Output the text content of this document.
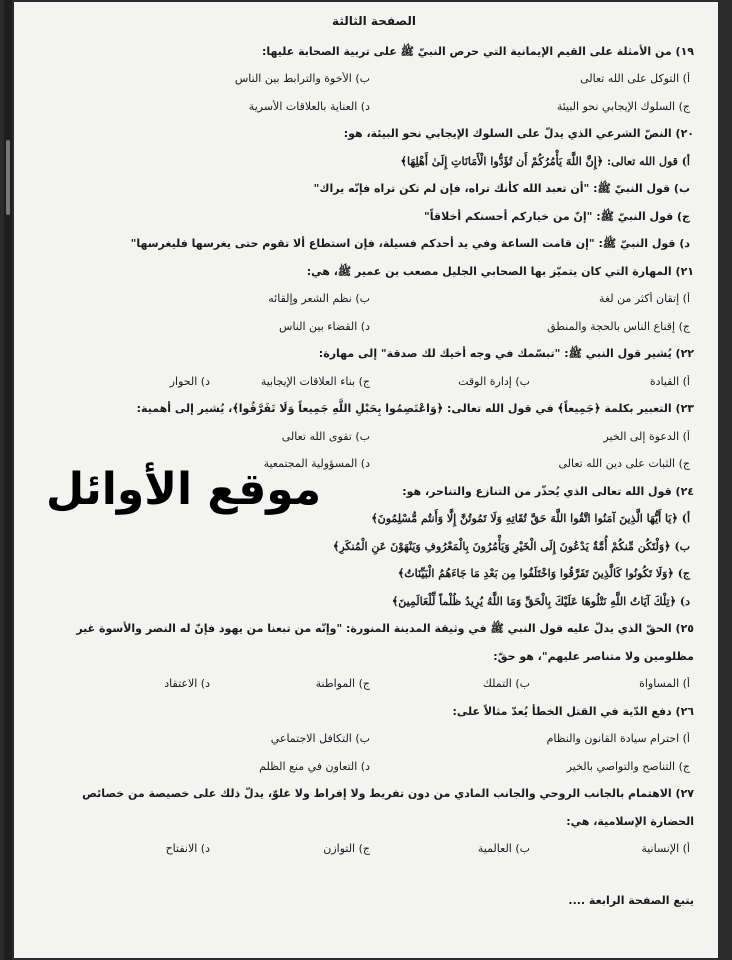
الصفحة الثالثة
١٩) من الأمثلة على القيم الإيمانية التي حرص النبيّ ﷺ على تربية الصحابة عليها:
أ) التوكل على الله تعالى
ب) الأخوة والترابط بين الناس
ج) السلوك الإيجابي نحو البيئة
د) العناية بالعلاقات الأسرية
٢٠) النصّ الشرعي الذي يدلّ على السلوك الإيجابي نحو البيئة، هو:
أ) قول الله تعالى: ﴿إِنَّ اللَّهَ يَأْمُرُكُمْ أَن تُؤَدُّوا الْأَمَانَاتِ إِلَىٰ أَهْلِهَا﴾
ب) قول النبيّ ﷺ: "أن تعبد الله كأنك تراه، فإن لم تكن تراه فإنّه يراك"
ج) قول النبيّ ﷺ: "إنّ من خياركم أحسنكم أخلاقاً"
د) قول النبيّ ﷺ: "إن قامت الساعة وفي يد أحدكم فسيلة، فإن استطاع ألا تقوم حتى يغرسها فليغرسها"
٢١) المهارة التي كان يتميّز بها الصحابي الجليل مصعب بن عمير ﷺ، هي:
أ) إتقان أكثر من لغة
ب) نظم الشعر وإلقائه
ج) إقناع الناس بالحجة والمنطق
د) القضاء بين الناس
٢٢) يُشير قول النبي ﷺ: "تبسّمك في وجه أخيك لك صدقة" إلى مهارة:
أ) القيادة
ب) إدارة الوقت
ج) بناء العلاقات الإيجابية
د) الحوار
٢٣) التعبير بكلمة ﴿جَمِيعاً﴾ في قول الله تعالى: ﴿وَاعْتَصِمُوا بِحَبْلِ اللَّهِ جَمِيعاً وَلَا تَفَرَّقُوا﴾، يُشير إلى أهمية:
أ) الدعوة إلى الخير
ب) تقوى الله تعالى
ج) الثبات على دين الله تعالى
د) المسؤولية المجتمعية
٢٤) قول الله تعالى الذي يُحذّر من التنازع والتناحر، هو:
أ) ﴿يَا أَيُّهَا الَّذِينَ آمَنُوا اتَّقُوا اللَّهَ حَقَّ تُقَاتِهِ وَلَا تَمُوتُنَّ إِلَّا وَأَنتُم مُّسْلِمُونَ﴾
ب) ﴿وَلْتَكُن مِّنكُمْ أُمَّةٌ يَدْعُونَ إِلَى الْخَيْرِ وَيَأْمُرُونَ بِالْمَعْرُوفِ وَيَنْهَوْنَ عَنِ الْمُنكَرِ﴾
ج) ﴿وَلَا تَكُونُوا كَالَّذِينَ تَفَرَّقُوا وَاخْتَلَفُوا مِن بَعْدِ مَا جَاءَهُمُ الْبَيِّنَاتُ﴾
د) ﴿تِلْكَ آيَاتُ اللَّهِ نَتْلُوهَا عَلَيْكَ بِالْحَقِّ وَمَا اللَّهُ يُرِيدُ ظُلْماً لِّلْعَالَمِينَ﴾
٢٥) الحقّ الذي يدلّ عليه قول النبي ﷺ في وثيقة المدينة المنورة: "وإنّه من تبعنا من يهود فإنّ له النصر والأسوة غير
مظلومين ولا متناصر عليهم"، هو حقّ:
أ) المساواة
ب) التملك
ج) المواطنة
د) الاعتقاد
٢٦) دفع الدّية في القتل الخطأ يُعدّ مثالاً على:
أ) احترام سيادة القانون والنظام
ب) التكافل الاجتماعي
ج) التناصح والتواصي بالخير
د) التعاون في منع الظلم
٢٧) الاهتمام بالجانب الروحي والجانب المادي من دون تفريط ولا إفراط ولا غلوّ، يدلّ ذلك على خصيصة من خصائص
الحضارة الإسلامية، هي:
أ) الإنسانية
ب) العالمية
ج) التوازن
د) الانفتاح
يتبع الصفحة الرابعة ....
موقع الأوائل
